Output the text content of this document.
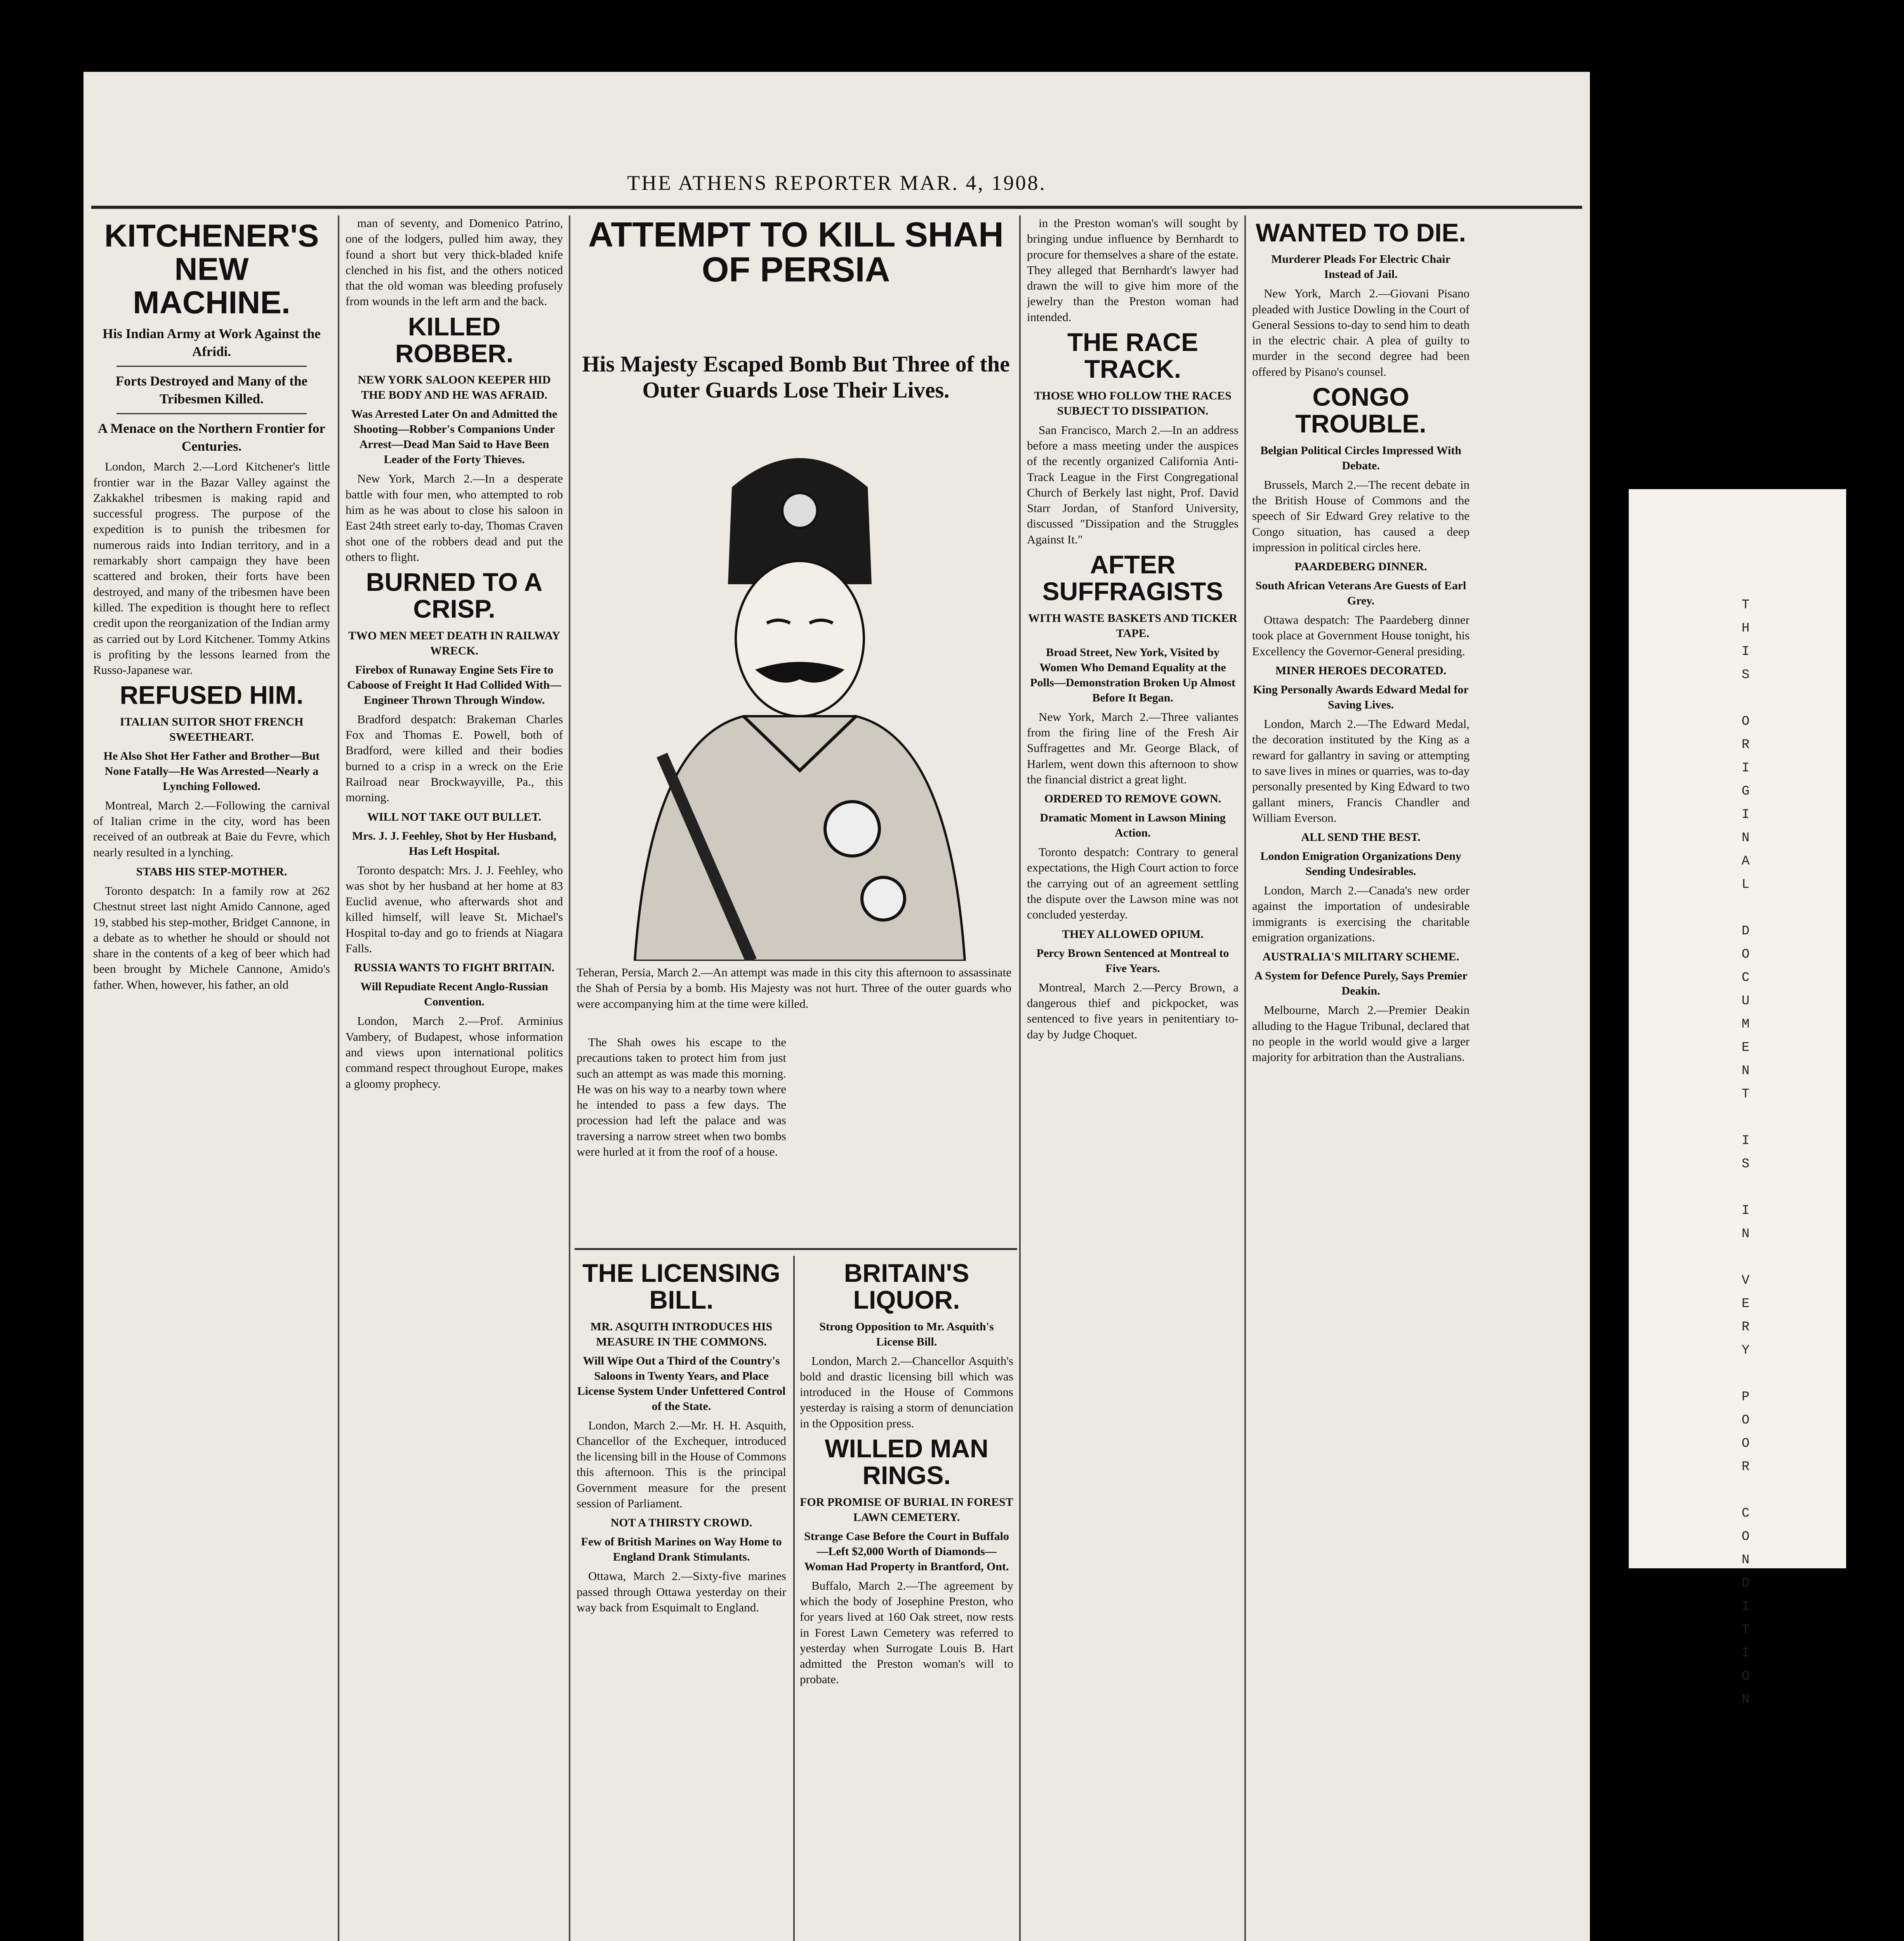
THE ATHENS REPORTER MAR. 4, 1908.
KITCHENER'S NEW MACHINE.
His Indian Army at Work Against the Afridi.
Forts Destroyed and Many of the Tribesmen Killed.
A Menace on the Northern Frontier for Centuries.

London, March 2.—Lord Kitchener's little frontier war in the Bazar Valley against the Zakkakhel tribesmen is making rapid and successful progress. The purpose of the expedition is to punish the tribesmen for numerous raids into Indian territory, and in a remarkably short campaign they have been scattered and broken, their forts have been destroyed, and many of the tribesmen have been killed. The expedition is thought here to reflect credit upon the reorganization of the Indian army as carried out by Lord Kitchener. Tommy Atkins is profiting by the lessons learned from the Russo-Japanese war.

REFUSED HIM.
ITALIAN SUITOR SHOT FRENCH SWEETHEART.
He Also Shot Her Father and Brother—But None Fatally—He Was Arrested—Nearly a Lynching Followed.

Montreal, March 2.—Following the carnival of Italian crime in the city, word has been received of an outbreak at Baie du Fevre, which nearly resulted in a lynching.

STABS HIS STEP-MOTHER.

Toronto despatch: In a family row at 262 Chestnut street last night Amido Cannone, aged 19, stabbed his step-mother, Bridget Cannone, in a debate as to whether he should or should not share in the contents of a keg of beer which had been brought by Michele Cannone, Amido's father. When, however, his father, an old

man of seventy, and Domenico Patrino, one of the lodgers, pulled him away, they found a short but very thick-bladed knife clenched in his fist, and the others noticed that the old woman was bleeding profusely from wounds in the left arm and the back.

KILLED ROBBER.
NEW YORK SALOON KEEPER HID THE BODY AND HE WAS AFRAID.
Was Arrested Later On and Admitted the Shooting—Robber's Companions Under Arrest—Dead Man Said to Have Been Leader of the Forty Thieves.

New York, March 2.—In a desperate battle with four men, who attempted to rob him as he was about to close his saloon in East 24th street early to-day, Thomas Craven shot one of the robbers dead and put the others to flight.

BURNED TO A CRISP.
TWO MEN MEET DEATH IN RAILWAY WRECK.
Firebox of Runaway Engine Sets Fire to Caboose of Freight It Had Collided With—Engineer Thrown Through Window.

Bradford despatch: Brakeman Charles Fox and Thomas E. Powell, both of Bradford, were killed and their bodies burned to a crisp in a wreck on the Erie Railroad near Brockwayville, Pa., this morning.

WILL NOT TAKE OUT BULLET.
Mrs. J. J. Feehley, Shot by Her Husband, Has Left Hospital.

Toronto despatch: Mrs. J. J. Feehley, who was shot by her husband at her home at 83 Euclid avenue, who afterwards shot and killed himself, will leave St. Michael's Hospital to-day and go to friends at Niagara Falls.

RUSSIA WANTS TO FIGHT BRITAIN.
Will Repudiate Recent Anglo-Russian Convention.

London, March 2.—Prof. Arminius Vambery, of Budapest, whose information and views upon international politics command respect throughout Europe, makes a gloomy prophecy.

ATTEMPT TO KILL SHAH OF PERSIA
His Majesty Escaped Bomb But Three of the Outer Guards Lose Their Lives.
Teheran, Persia, March 2.—An attempt was made in this city this afternoon to assassinate the Shah of Persia by a bomb. His Majesty was not hurt. Three of the outer guards who were accompanying him at the time were killed.

The Shah owes his escape to the precautions taken to protect him from just such an attempt as was made this morning. He was on his way to a nearby town where he intended to pass a few days. The procession had left the palace and was traversing a narrow street when two bombs were hurled at it from the roof of a house.

THE LICENSING BILL.
MR. ASQUITH INTRODUCES HIS MEASURE IN THE COMMONS.
Will Wipe Out a Third of the Country's Saloons in Twenty Years, and Place License System Under Unfettered Control of the State.

London, March 2.—Mr. H. H. Asquith, Chancellor of the Exchequer, introduced the licensing bill in the House of Commons this afternoon. This is the principal Government measure for the present session of Parliament.

NOT A THIRSTY CROWD.
Few of British Marines on Way Home to England Drank Stimulants.

Ottawa, March 2.—Sixty-five marines passed through Ottawa yesterday on their way back from Esquimalt to England.

BRITAIN'S LIQUOR.
Strong Opposition to Mr. Asquith's License Bill.

London, March 2.—Chancellor Asquith's bold and drastic licensing bill which was introduced in the House of Commons yesterday is raising a storm of denunciation in the Opposition press.

WILLED MAN RINGS.
FOR PROMISE OF BURIAL IN FOREST LAWN CEMETERY.
Strange Case Before the Court in Buffalo—Left $2,000 Worth of Diamonds—Woman Had Property in Brantford, Ont.

Buffalo, March 2.—The agreement by which the body of Josephine Preston, who for years lived at 160 Oak street, now rests in Forest Lawn Cemetery was referred to yesterday when Surrogate Louis B. Hart admitted the Preston woman's will to probate.

in the Preston woman's will sought by bringing undue influence by Bernhardt to procure for themselves a share of the estate. They alleged that Bernhardt's lawyer had drawn the will to give him more of the jewelry than the Preston woman had intended.

THE RACE TRACK.
THOSE WHO FOLLOW THE RACES SUBJECT TO DISSIPATION.

San Francisco, March 2.—In an address before a mass meeting under the auspices of the recently organized California Anti-Track League in the First Congregational Church of Berkely last night, Prof. David Starr Jordan, of Stanford University, discussed "Dissipation and the Struggles Against It."

AFTER SUFFRAGISTS
WITH WASTE BASKETS AND TICKER TAPE.
Broad Street, New York, Visited by Women Who Demand Equality at the Polls—Demonstration Broken Up Almost Before It Began.

New York, March 2.—Three valiantes from the firing line of the Fresh Air Suffragettes and Mr. George Black, of Harlem, went down this afternoon to show the financial district a great light.

ORDERED TO REMOVE GOWN.
Dramatic Moment in Lawson Mining Action.

Toronto despatch: Contrary to general expectations, the High Court action to force the carrying out of an agreement settling the dispute over the Lawson mine was not concluded yesterday.

THEY ALLOWED OPIUM.
Percy Brown Sentenced at Montreal to Five Years.

Montreal, March 2.—Percy Brown, a dangerous thief and pickpocket, was sentenced to five years in penitentiary to-day by Judge Choquet.

WANTED TO DIE.
Murderer Pleads For Electric Chair Instead of Jail.

New York, March 2.—Giovani Pisano pleaded with Justice Dowling in the Court of General Sessions to-day to send him to death in the electric chair. A plea of guilty to murder in the second degree had been offered by Pisano's counsel.

CONGO TROUBLE.
Belgian Political Circles Impressed With Debate.

Brussels, March 2.—The recent debate in the British House of Commons and the speech of Sir Edward Grey relative to the Congo situation, has caused a deep impression in political circles here.

PAARDEBERG DINNER.
South African Veterans Are Guests of Earl Grey.

Ottawa despatch: The Paardeberg dinner took place at Government House tonight, his Excellency the Governor-General presiding.

MINER HEROES DECORATED.
King Personally Awards Edward Medal for Saving Lives.

London, March 2.—The Edward Medal, the decoration instituted by the King as a reward for gallantry in saving or attempting to save lives in mines or quarries, was to-day personally presented by King Edward to two gallant miners, Francis Chandler and William Everson.

ALL SEND THE BEST.
London Emigration Organizations Deny Sending Undesirables.

London, March 2.—Canada's new order against the importation of undesirable immigrants is exercising the charitable emigration organizations.

AUSTRALIA'S MILITARY SCHEME.
A System for Defence Purely, Says Premier Deakin.

Melbourne, March 2.—Premier Deakin alluding to the Hague Tribunal, declared that no people in the world would give a larger majority for arbitration than the Australians.	THIS ORIGINAL DOCUMENT IS IN VERY POOR CONDITION
